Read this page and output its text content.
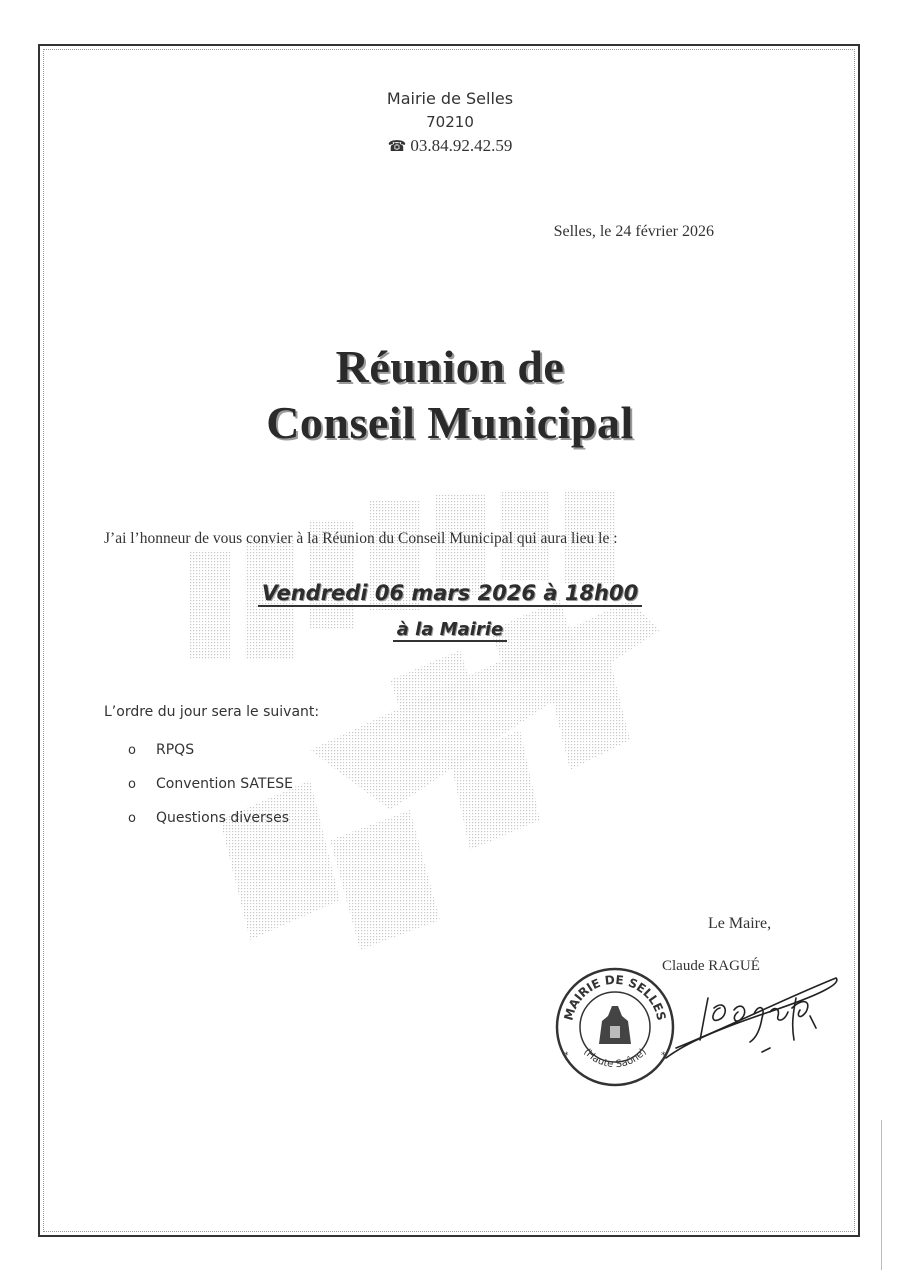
Mairie de Selles
70210
☎ 03.84.92.42.59
Selles, le 24 février 2026
Réunion de
Conseil Municipal
J’ai l’honneur de vous convier à la Réunion du Conseil Municipal qui aura lieu le :
Vendredi 06 mars 2026 à 18h00
à la Mairie
L’ordre du jour sera le suivant:
o RPQS
o Convention SATESE
o Questions diverses
Le Maire,
Claude RAGUÉ
MAIRIE DE SELLES
(Haute Saône)
*	*
